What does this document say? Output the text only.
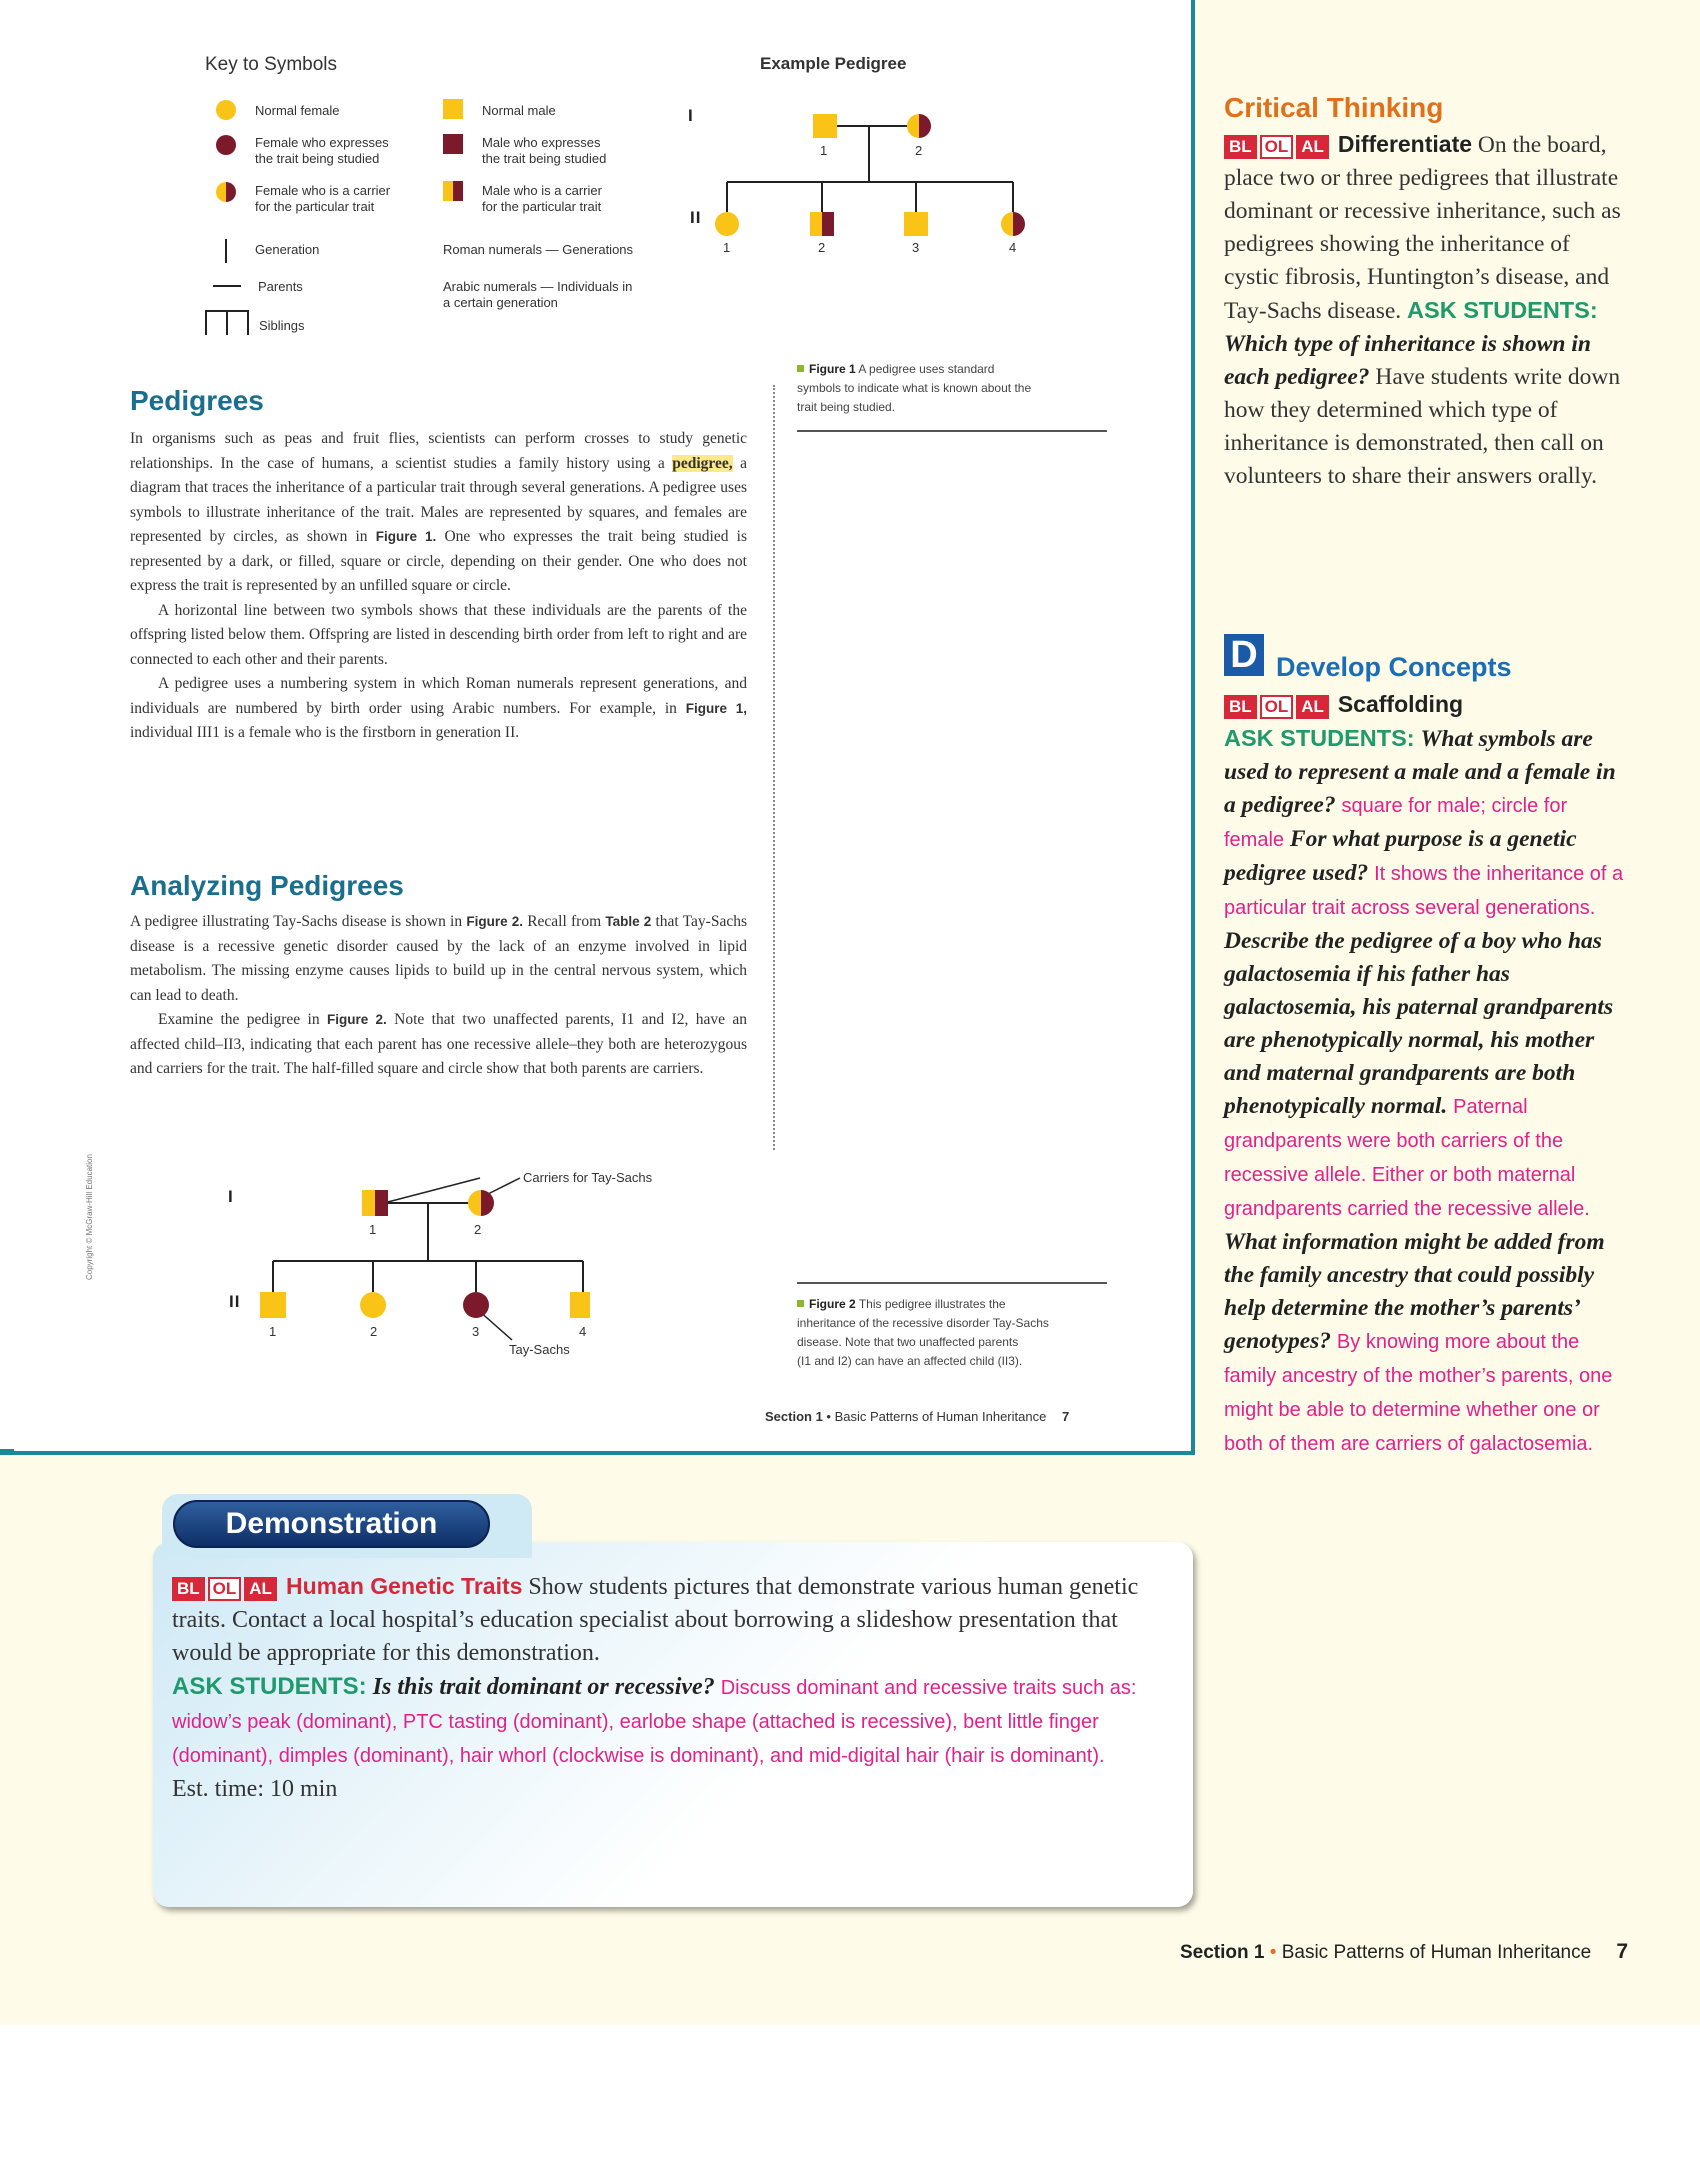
Key to Symbols
Normal female
Female who expresses
the trait being studied
Female who is a carrier
for the particular trait
Generation
Parents
Siblings
Normal male
Male who expresses
the trait being studied
Male who is a carrier
for the particular trait
Roman numerals — Generations
Arabic numerals — Individuals in
a certain generation
Example Pedigree
I
II
1	2
1	2	3	4
Figure 1 A pedigree uses standard
symbols to indicate what is known about the
trait being studied.
Pedigrees

In organisms such as peas and fruit flies, scientists can perform crosses to study genetic relationships. In the case of humans, a scientist studies a family history using a pedigree, a diagram that traces the inheritance of a particular trait through several generations. A pedigree uses symbols to illustrate inheritance of the trait. Males are represented by squares, and females are represented by circles, as shown in Figure 1. One who expresses the trait being studied is represented by a dark, or filled, square or circle, depending on their gender. One who does not express the trait is represented by an unfilled square or circle.

A horizontal line between two symbols shows that these individuals are the parents of the offspring listed below them. Offspring are listed in descending birth order from left to right and are connected to each other and their parents.

A pedigree uses a numbering system in which Roman numerals represent generations, and individuals are numbered by birth order using Arabic numbers. For example, in Figure 1, individual III1 is a female who is the firstborn in generation II.

Analyzing Pedigrees

A pedigree illustrating Tay-Sachs disease is shown in Figure 2. Recall from Table 2 that Tay-Sachs disease is a recessive genetic disorder caused by the lack of an enzyme involved in lipid metabolism. The missing enzyme causes lipids to build up in the central nervous system, which can lead to death.

Examine the pedigree in Figure 2. Note that two unaffected parents, I1 and I2, have an affected child–II3, indicating that each parent has one recessive allele–they both are heterozygous and carriers for the trait. The half-filled square and circle show that both parents are carriers.

I
II
Carriers for Tay-Sachs
Tay-Sachs
1	2
1	2	3	4
Figure 2 This pedigree illustrates the
inheritance of the recessive disorder Tay-Sachs
disease. Note that two unaffected parents
(I1 and I2) can have an affected child (II3).
Copyright © McGraw-Hill Education
Section 1 • Basic Patterns of Human Inheritance 7
Critical Thinking
BL OL AL Differentiate On the board, place two or three pedigrees that illustrate dominant or recessive inheritance, such as pedigrees showing the inheritance of cystic fibrosis, Huntington’s disease, and Tay-Sachs disease. ASK STUDENTS: Which type of inheritance is shown in each pedigree? Have students write down how they determined which type of inheritance is demonstrated, then call on volunteers to share their answers orally.
D Develop Concepts
BL OL AL Scaffolding
ASK STUDENTS: What symbols are used to represent a male and a female in a pedigree? square for male; circle for female For what purpose is a genetic pedigree used? It shows the inheritance of a particular trait across several generations. Describe the pedigree of a boy who has galactosemia if his father has galactosemia, his paternal grandparents are phenotypically normal, his mother and maternal grandparents are both phenotypically normal. Paternal grandparents were both carriers of the recessive allele. Either or both maternal grandparents carried the recessive allele. What information might be added from the family ancestry that could possibly help determine the mother’s parents’ genotypes? By knowing more about the family ancestry of the mother’s parents, one might be able to determine whether one or both of them are carriers of galactosemia.
Demonstration
BL OL AL Human Genetic Traits Show students pictures that demonstrate various human genetic traits. Contact a local hospital’s education specialist about borrowing a slideshow presentation that would be appropriate for this demonstration.
ASK STUDENTS: Is this trait dominant or recessive? Discuss dominant and recessive traits such as: widow’s peak (dominant), PTC tasting (dominant), earlobe shape (attached is recessive), bent little finger (dominant), dimples (dominant), hair whorl (clockwise is dominant), and mid-digital hair (hair is dominant).
Est. time: 10 min
Section 1 • Basic Patterns of Human Inheritance 7
